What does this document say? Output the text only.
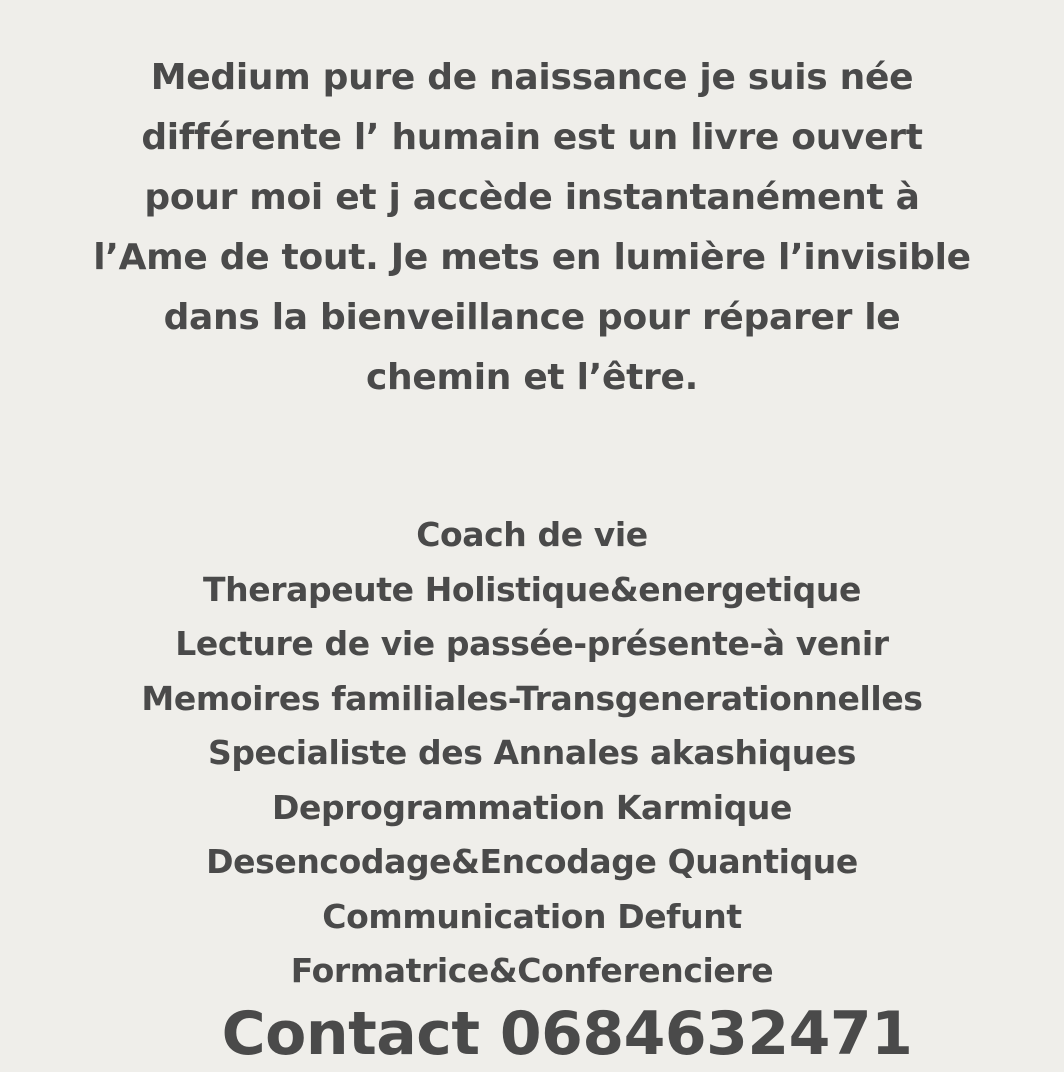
Medium pure de naissance je suis née
différente l’ humain est un livre ouvert
pour moi et j accède instantanément à
l’Ame de tout. Je mets en lumière l’invisible
dans la bienveillance pour réparer le
chemin et l’être.
Coach de vie
Therapeute Holistique&energetique
Lecture de vie passée-présente-à venir
Memoires familiales-Transgenerationnelles
Specialiste des Annales akashiques
Deprogrammation Karmique
Desencodage&Encodage Quantique
Communication Defunt
Formatrice&Conferenciere
Contact 0684632471
